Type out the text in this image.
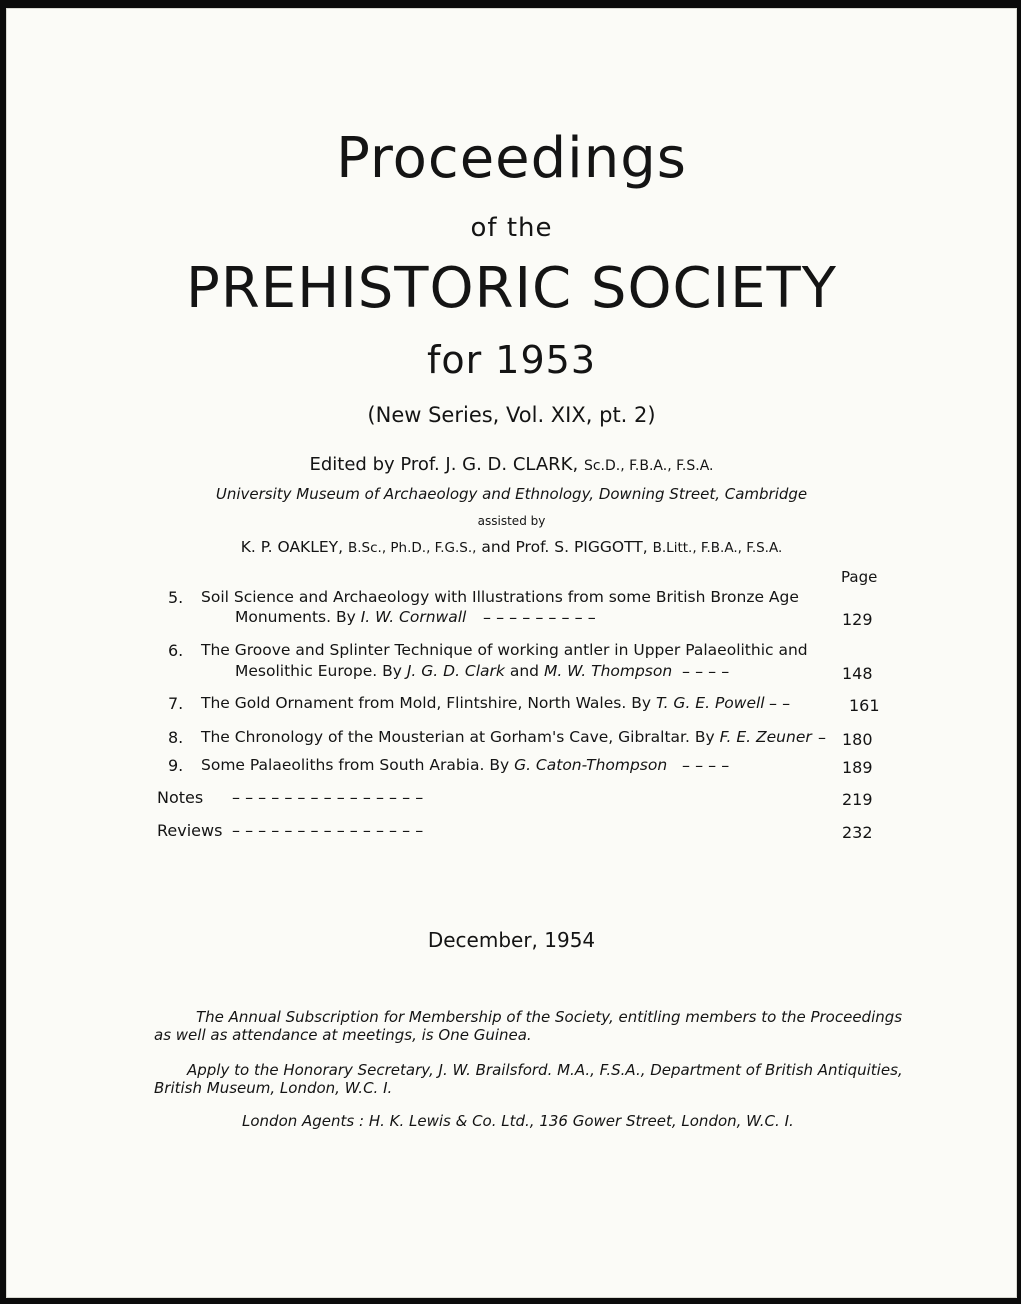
Proceedings
of the
PREHISTORIC SOCIETY
for 1953
(New Series, Vol. XIX, pt. 2)
Edited by Prof. J. G. D. CLARK, Sc.D., F.B.A., F.S.A.
University Museum of Archaeology and Ethnology, Downing Street, Cambridge
assisted by
K. P. OAKLEY, B.Sc., Ph.D., F.G.S., and Prof. S. PIGGOTT, B.Litt., F.B.A., F.S.A.
Page
5. Soil Science and Archaeology with Illustrations from some British Bronze Age
Monuments. By I. W. Cornwall – – – – – – – – –	129
6. The Groove and Splinter Technique of working antler in Upper Palaeolithic and
Mesolithic Europe. By J. G. D. Clark and M. W. Thompson – – – –	148
7. The Gold Ornament from Mold, Flintshire, North Wales. By T. G. E. Powell – –	161
8. The Chronology of the Mousterian at Gorham's Cave, Gibraltar. By F. E. Zeuner – 180
9. Some Palaeoliths from South Arabia. By G. Caton-Thompson – – – –	189
Notes – – – – – – – – – – – – – – –	219
Reviews – – – – – – – – – – – – – – –	232
December, 1954
The Annual Subscription for Membership of the Society, entitling members to the Proceedings
as well as attendance at meetings, is One Guinea.
Apply to the Honorary Secretary, J. W. Brailsford. M.A., F.S.A., Department of British Antiquities,
British Museum, London, W.C. I.
London Agents : H. K. Lewis & Co. Ltd., 136 Gower Street, London, W.C. I.
